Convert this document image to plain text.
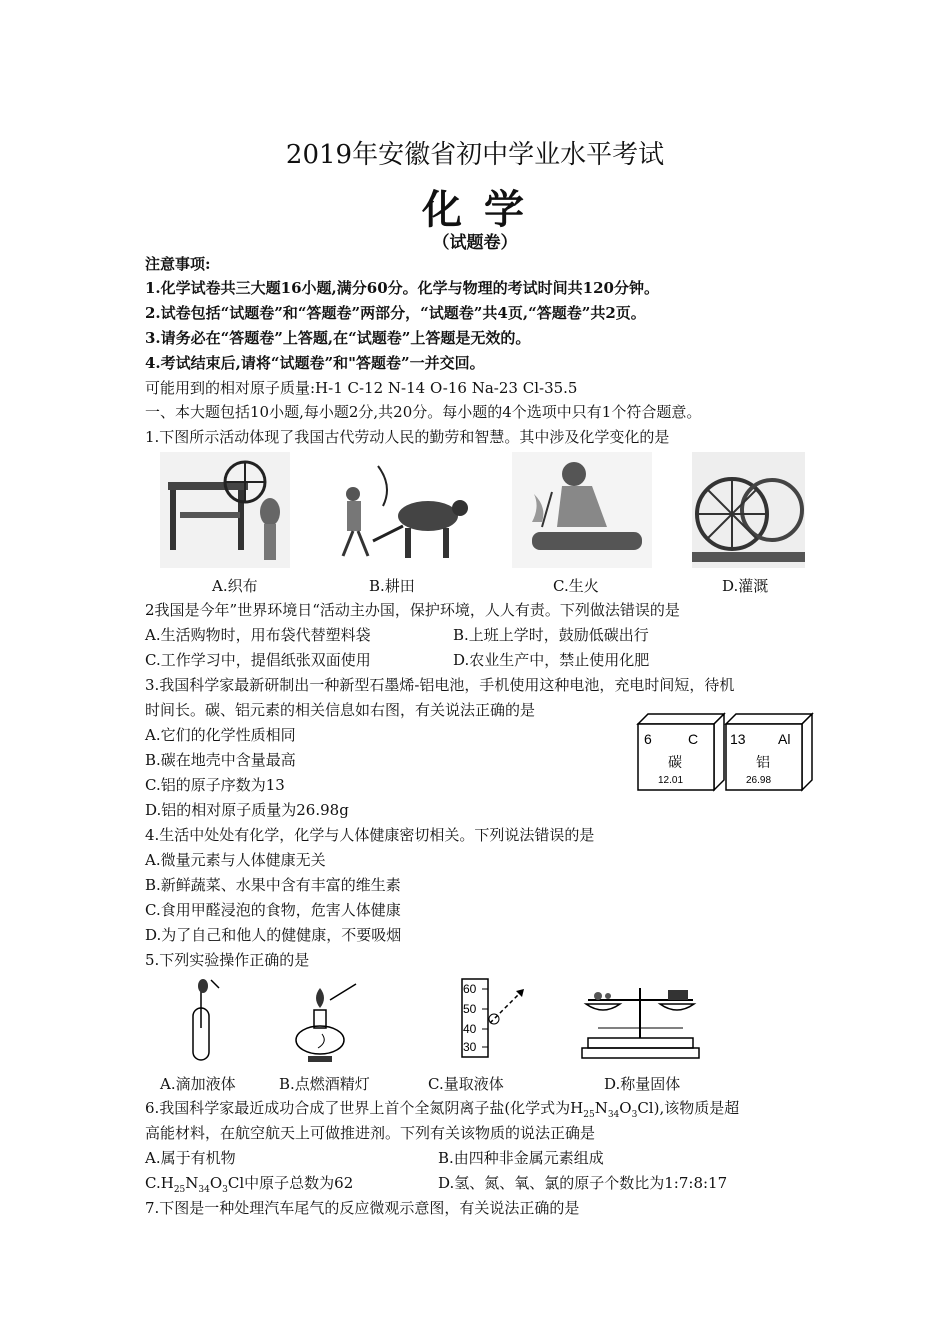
2019年安徽省初中学业水平考试
化 学
（试题卷）
注意事项:
1.化学试卷共三大题16小题,满分60分。化学与物理的考试时间共120分钟。
2.试卷包括“试题卷”和“答题卷”两部分，“试题卷”共4页,“答题卷”共2页。
3.请务必在“答题卷”上答题,在“试题卷”上答题是无效的。
4.考试结束后,请将“试题卷”和"答题卷”一并交回。
可能用到的相对原子质量:H-1 C-12 N-14 O-16 Na-23 Cl-35.5
一、本大题包括10小题,每小题2分,共20分。每小题的4个选项中只有1个符合题意。
1.下图所示活动体现了我国古代劳动人民的勤劳和智慧。其中涉及化学变化的是
A.织布	B.耕田	C.生火	D.灌溉
2我国是今年”世界环境日“活动主办国，保护环境，人人有责。下列做法错误的是
A.生活购物时，用布袋代替塑料袋	B.上班上学时，鼓励低碳出行
C.工作学习中，提倡纸张双面使用	D.农业生产中，禁止使用化肥
3.我国科学家最新研制出一种新型石墨烯-铝电池，手机使用这种电池，充电时间短，待机
时间长。碳、铝元素的相关信息如右图，有关说法正确的是
A.它们的化学性质相同
B.碳在地壳中含量最高
C.铝的原子序数为13
D.铝的相对原子质量为26.98g
6	C
碳
12.01
13 Al
铝
26.98
4.生活中处处有化学，化学与人体健康密切相关。下列说法错误的是
A.微量元素与人体健康无关
B.新鲜蔬菜、水果中含有丰富的维生素
C.食用甲醛浸泡的食物，危害人体健康
D.为了自己和他人的健健康，不要吸烟
5.下列实验操作正确的是
60
50
40
30
A.滴加液体	B.点燃酒精灯	C.量取液体	D.称量固体
6.我国科学家最近成功合成了世界上首个全氮阴离子盐(化学式为$H_{25}N_{34}O_3Cl$),该物质是超
高能材料，在航空航天上可做推进剂。下列有关该物质的说法正确是
A.属于有机物	B.由四种非金属元素组成
$C.H_{25}N_{34}O_3Cl$中原子总数为62	D.氢、氮、氧、氯的原子个数比为1:7:8:17
7.下图是一种处理汽车尾气的反应微观示意图，有关说法正确的是
